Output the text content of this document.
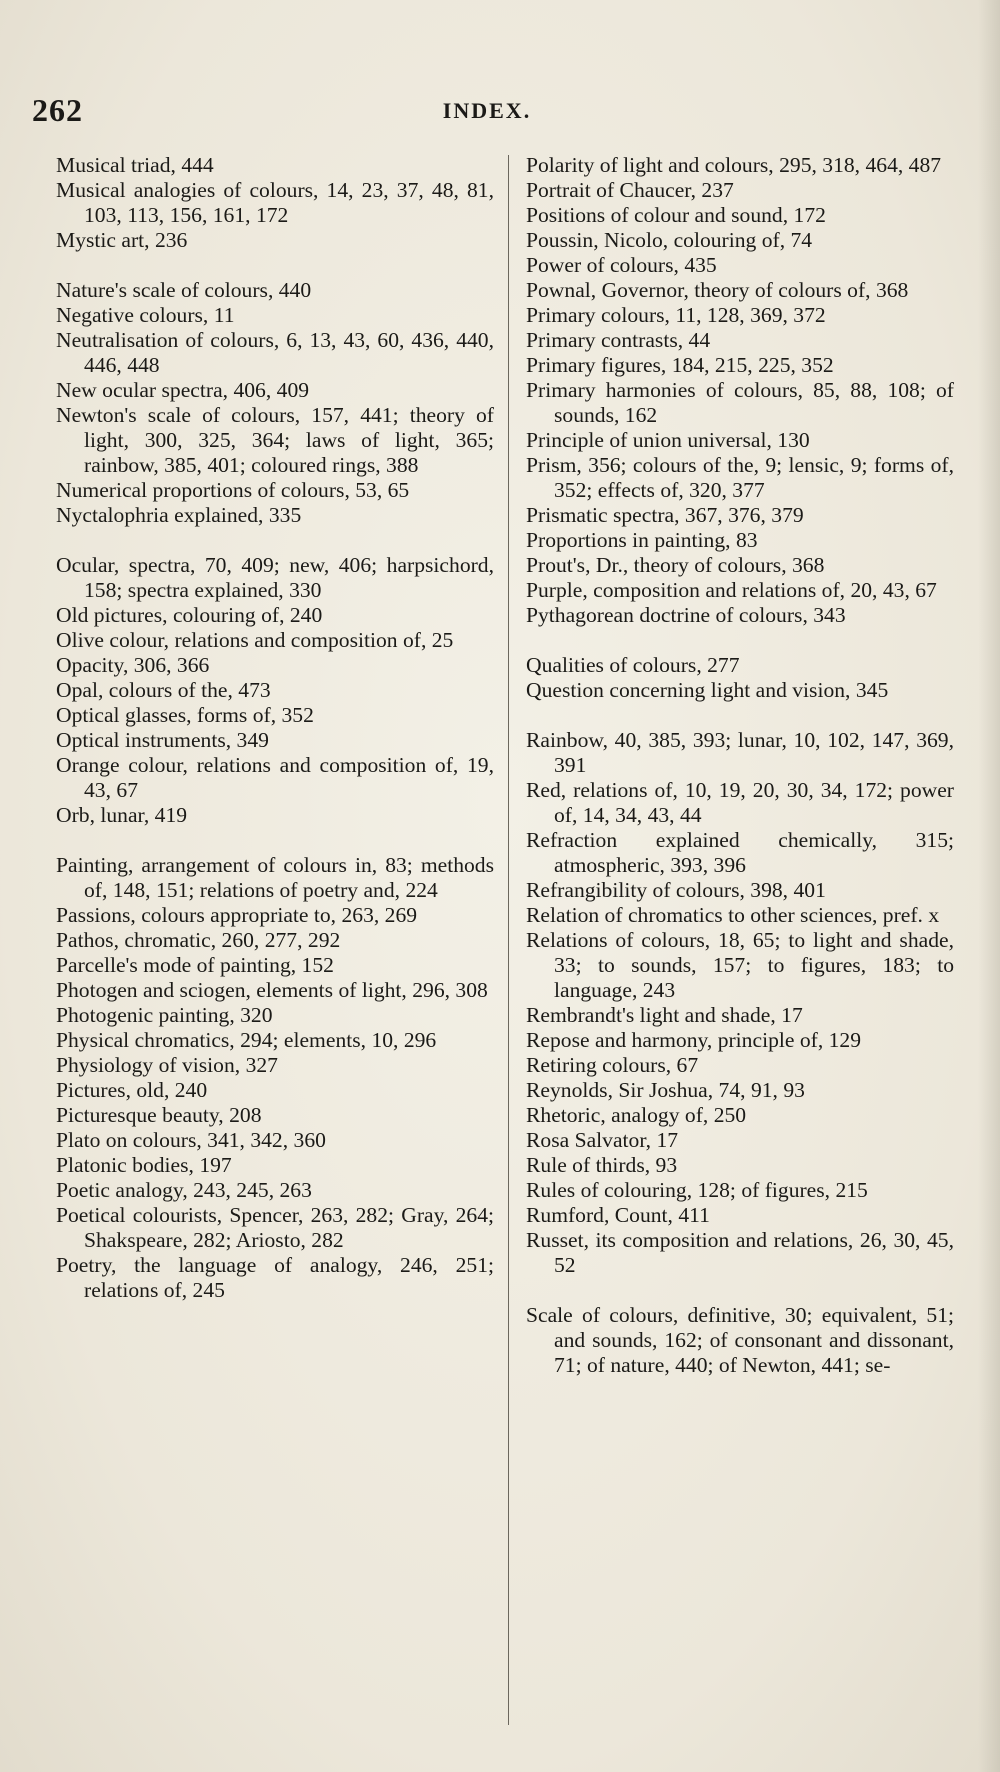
262	INDEX.

Musical triad, 444

Musical analogies of colours, 14, 23, 37, 48, 81, 103, 113, 156, 161, 172

Mystic art, 236

Nature's scale of colours, 440

Negative colours, 11

Neutralisation of colours, 6, 13, 43, 60, 436, 440, 446, 448

New ocular spectra, 406, 409

Newton's scale of colours, 157, 441; theory of light, 300, 325, 364; laws of light, 365; rainbow, 385, 401; coloured rings, 388

Numerical proportions of colours, 53, 65

Nyctalophria explained, 335

Ocular, spectra, 70, 409; new, 406; harpsichord, 158; spectra explained, 330

Old pictures, colouring of, 240

Olive colour, relations and composition of, 25

Opacity, 306, 366

Opal, colours of the, 473

Optical glasses, forms of, 352

Optical instruments, 349

Orange colour, relations and composition of, 19, 43, 67

Orb, lunar, 419

Painting, arrangement of colours in, 83; methods of, 148, 151; relations of poetry and, 224

Passions, colours appropriate to, 263, 269

Pathos, chromatic, 260, 277, 292

Parcelle's mode of painting, 152

Photogen and sciogen, elements of light, 296, 308

Photogenic painting, 320

Physical chromatics, 294; elements, 10, 296

Physiology of vision, 327

Pictures, old, 240

Picturesque beauty, 208

Plato on colours, 341, 342, 360

Platonic bodies, 197

Poetic analogy, 243, 245, 263

Poetical colourists, Spencer, 263, 282; Gray, 264; Shakspeare, 282; Ariosto, 282

Poetry, the language of analogy, 246, 251; relations of, 245

Polarity of light and colours, 295, 318, 464, 487

Portrait of Chaucer, 237

Positions of colour and sound, 172

Poussin, Nicolo, colouring of, 74

Power of colours, 435

Pownal, Governor, theory of colours of, 368

Primary colours, 11, 128, 369, 372

Primary contrasts, 44

Primary figures, 184, 215, 225, 352

Primary harmonies of colours, 85, 88, 108; of sounds, 162

Principle of union universal, 130

Prism, 356; colours of the, 9; lensic, 9; forms of, 352; effects of, 320, 377

Prismatic spectra, 367, 376, 379

Proportions in painting, 83

Prout's, Dr., theory of colours, 368

Purple, composition and relations of, 20, 43, 67

Pythagorean doctrine of colours, 343

Qualities of colours, 277

Question concerning light and vision, 345

Rainbow, 40, 385, 393; lunar, 10, 102, 147, 369, 391

Red, relations of, 10, 19, 20, 30, 34, 172; power of, 14, 34, 43, 44

Refraction explained chemically, 315; atmospheric, 393, 396

Refrangibility of colours, 398, 401

Relation of chromatics to other sciences, pref. x

Relations of colours, 18, 65; to light and shade, 33; to sounds, 157; to figures, 183; to language, 243

Rembrandt's light and shade, 17

Repose and harmony, principle of, 129

Retiring colours, 67

Reynolds, Sir Joshua, 74, 91, 93

Rhetoric, analogy of, 250

Rosa Salvator, 17

Rule of thirds, 93

Rules of colouring, 128; of figures, 215

Rumford, Count, 411

Russet, its composition and relations, 26, 30, 45, 52

Scale of colours, definitive, 30; equivalent, 51; and sounds, 162; of consonant and dissonant, 71; of nature, 440; of Newton, 441; se-
